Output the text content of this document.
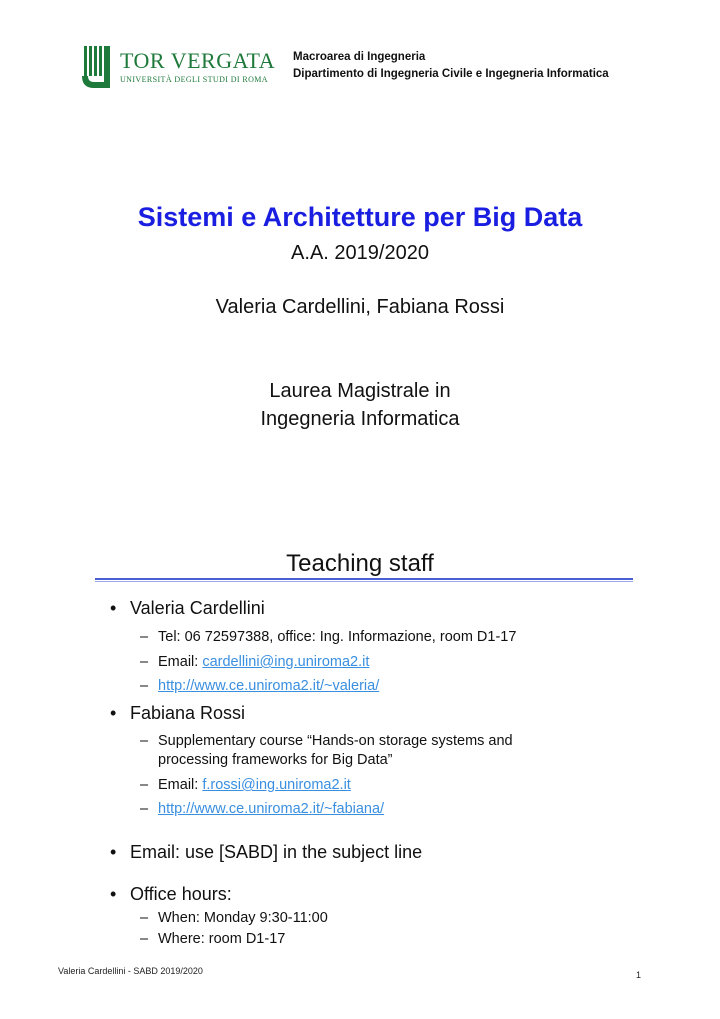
TOR VERGATA
UNIVERSITÀ DEGLI STUDI DI ROMA
Macroarea di Ingegneria
Dipartimento di Ingegneria Civile e Ingegneria Informatica
Sistemi e Architetture per Big Data
A.A. 2019/2020
Valeria Cardellini, Fabiana Rossi
Laurea Magistrale in
Ingegneria Informatica
Teaching staff
• Valeria Cardellini
– Tel: 06 72597388, office: Ing. Informazione, room D1-17
– Email: cardellini@ing.uniroma2.it
– http://www.ce.uniroma2.it/~valeria/
• Fabiana Rossi
– Supplementary course “Hands-on storage systems and
processing frameworks for Big Data”
– Email: f.rossi@ing.uniroma2.it
– http://www.ce.uniroma2.it/~fabiana/
• Email: use [SABD] in the subject line
• Office hours:
– When: Monday 9:30-11:00
– Where: room D1-17
Valeria Cardellini - SABD 2019/2020	1
